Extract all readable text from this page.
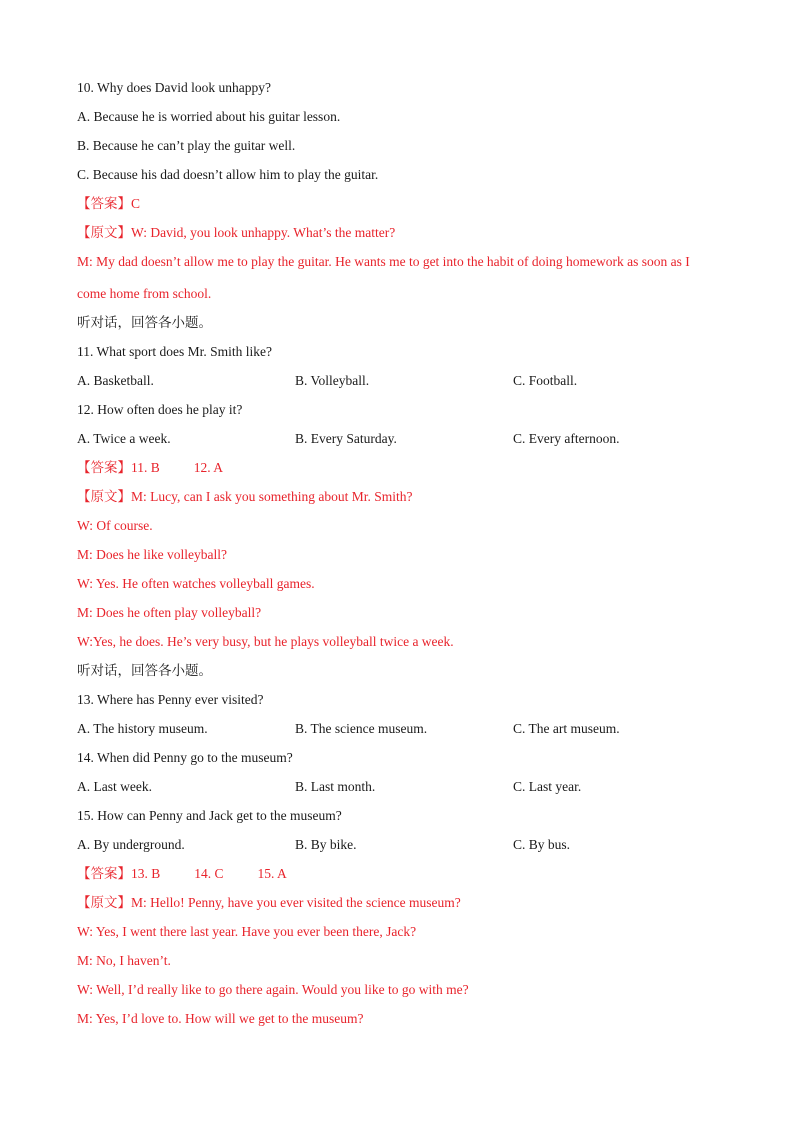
10. Why does David look unhappy?
A. Because he is worried about his guitar lesson.
B. Because he can’t play the guitar well.
C. Because his dad doesn’t allow him to play the guitar.
【答案】C
【原文】W: David, you look unhappy. What’s the matter?
M: My dad doesn’t allow me to play the guitar. He wants me to get into the habit of doing homework as soon as I
come home from school.
听对话，回答各小题。
11. What sport does Mr. Smith like?
A. Basketball.	B. Volleyball.	C. Football.
12. How often does he play it?
A. Twice a week.	B. Every Saturday.	C. Every afternoon.
【答案】11. B	12. A
【原文】M: Lucy, can I ask you something about Mr. Smith?
W: Of course.
M: Does he like volleyball?
W: Yes. He often watches volleyball games.
M: Does he often play volleyball?
W:Yes, he does. He’s very busy, but he plays volleyball twice a week.
听对话，回答各小题。
13. Where has Penny ever visited?
A. The history museum.	B. The science museum.	C. The art museum.
14. When did Penny go to the museum?
A. Last week.	B. Last month.	C. Last year.
15. How can Penny and Jack get to the museum?
A. By underground.	B. By bike.	C. By bus.
【答案】13. B	14. C	15. A
【原文】M: Hello! Penny, have you ever visited the science museum?
W: Yes, I went there last year. Have you ever been there, Jack?
M: No, I haven’t.
W: Well, I’d really like to go there again. Would you like to go with me?
M: Yes, I’d love to. How will we get to the museum?
